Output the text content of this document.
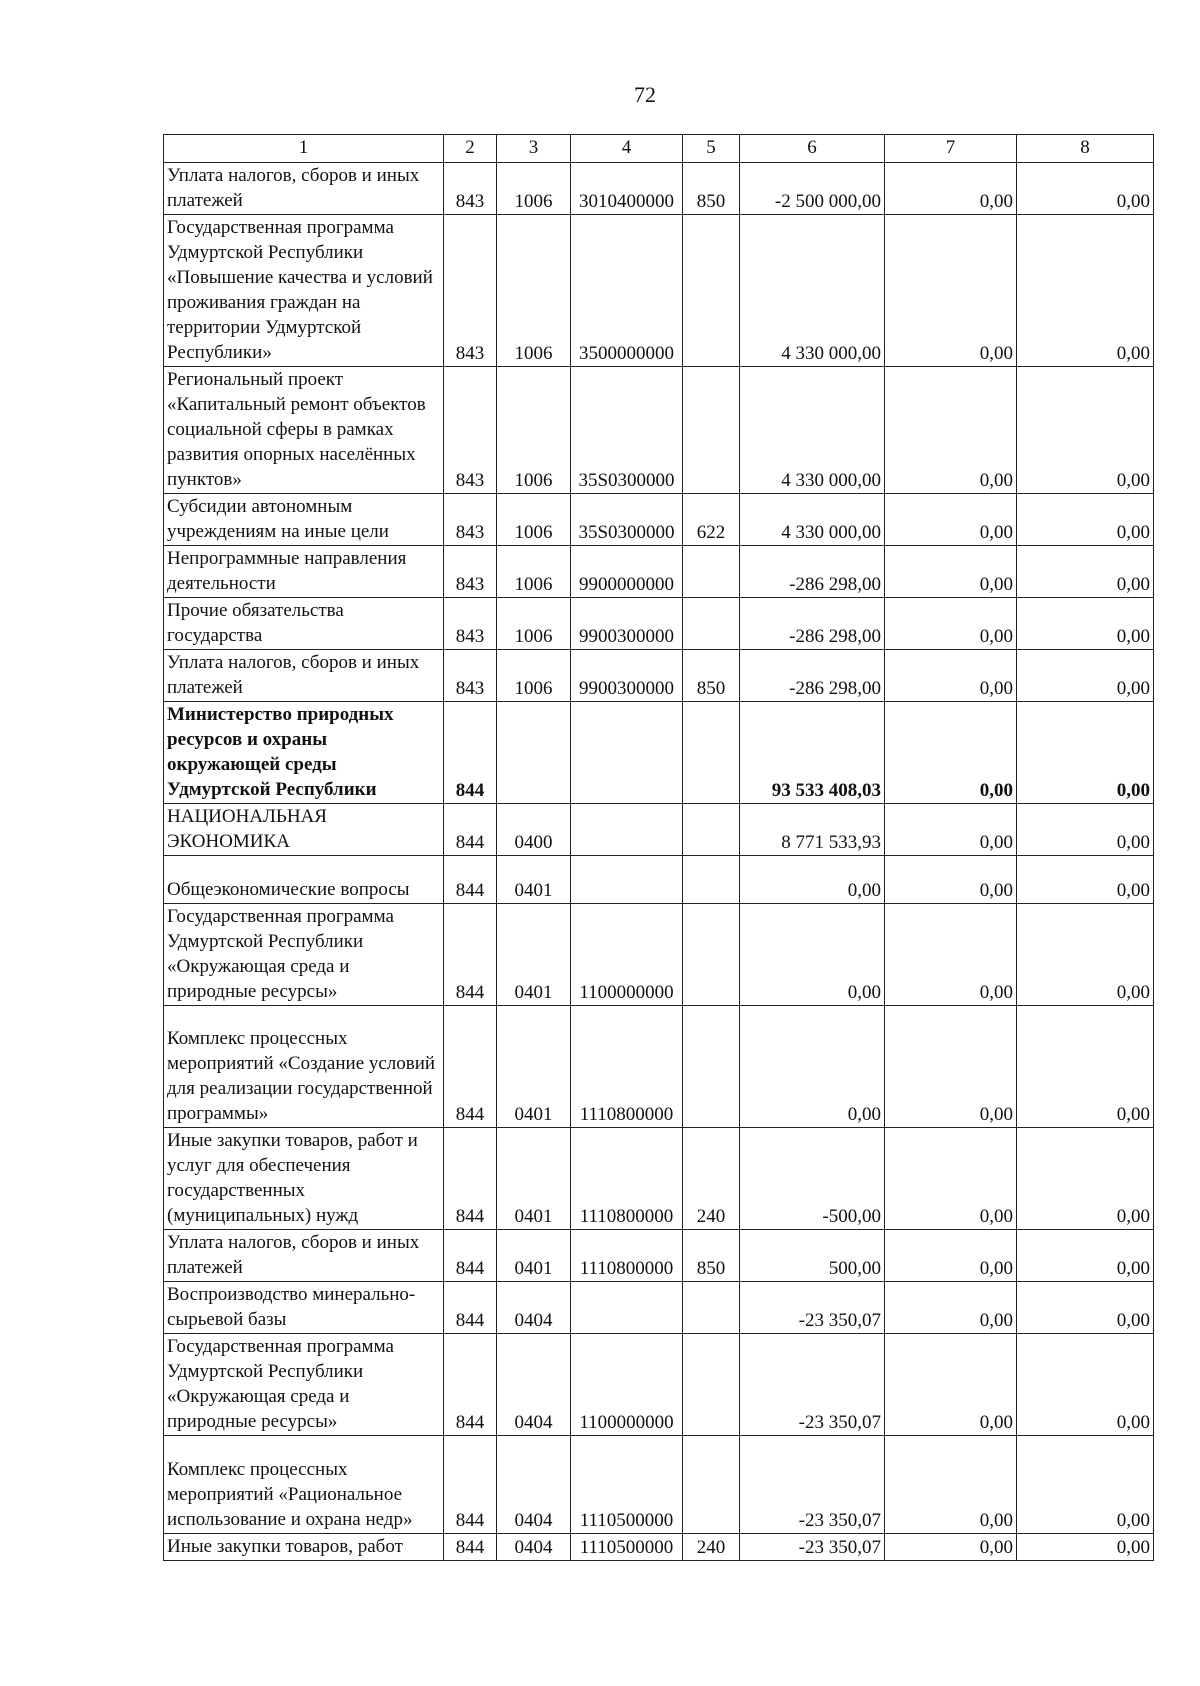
72
1	2	3	4	5	6	7	8
Уплата налогов, сборов и иных платежей	843	1006	3010400000	850	-2 500 000,00	0,00	0,00
Государственная программа Удмуртской Республики «Повышение качества и условий проживания граждан на территории Удмуртской Республики»	843	1006	3500000000		4 330 000,00	0,00	0,00
Региональный проект «Капитальный ремонт объектов социальной сферы в рамках развития опорных населённых пунктов»	843	1006	35S0300000		4 330 000,00	0,00	0,00
Субсидии автономным учреждениям на иные цели	843	1006	35S0300000	622	4 330 000,00	0,00	0,00
Непрограммные направления деятельности	843	1006	9900000000		-286 298,00	0,00	0,00
Прочие обязательства государства	843	1006	9900300000		-286 298,00	0,00	0,00
Уплата налогов, сборов и иных платежей	843	1006	9900300000	850	-286 298,00	0,00	0,00
Министерство природных ресурсов и охраны окружающей среды Удмуртской Республики	844				93 533 408,03	0,00	0,00
НАЦИОНАЛЬНАЯ ЭКОНОМИКА	844	0400			8 771 533,93	0,00	0,00
Общеэкономические вопросы	844	0401			0,00	0,00	0,00
Государственная программа Удмуртской Республики «Окружающая среда и природные ресурсы»	844	0401	1100000000		0,00	0,00	0,00
Комплекс процессных мероприятий «Создание условий для реализации государственной программы»	844	0401	1110800000		0,00	0,00	0,00
Иные закупки товаров, работ и услуг для обеспечения государственных (муниципальных) нужд	844	0401	1110800000	240	-500,00	0,00	0,00
Уплата налогов, сборов и иных платежей	844	0401	1110800000	850	500,00	0,00	0,00
Воспроизводство минерально-сырьевой базы	844	0404			-23 350,07	0,00	0,00
Государственная программа Удмуртской Республики «Окружающая среда и природные ресурсы»	844	0404	1100000000		-23 350,07	0,00	0,00
Комплекс процессных мероприятий «Рациональное использование и охрана недр»	844	0404	1110500000		-23 350,07	0,00	0,00
Иные закупки товаров, работ	844	0404	1110500000	240	-23 350,07	0,00	0,00
